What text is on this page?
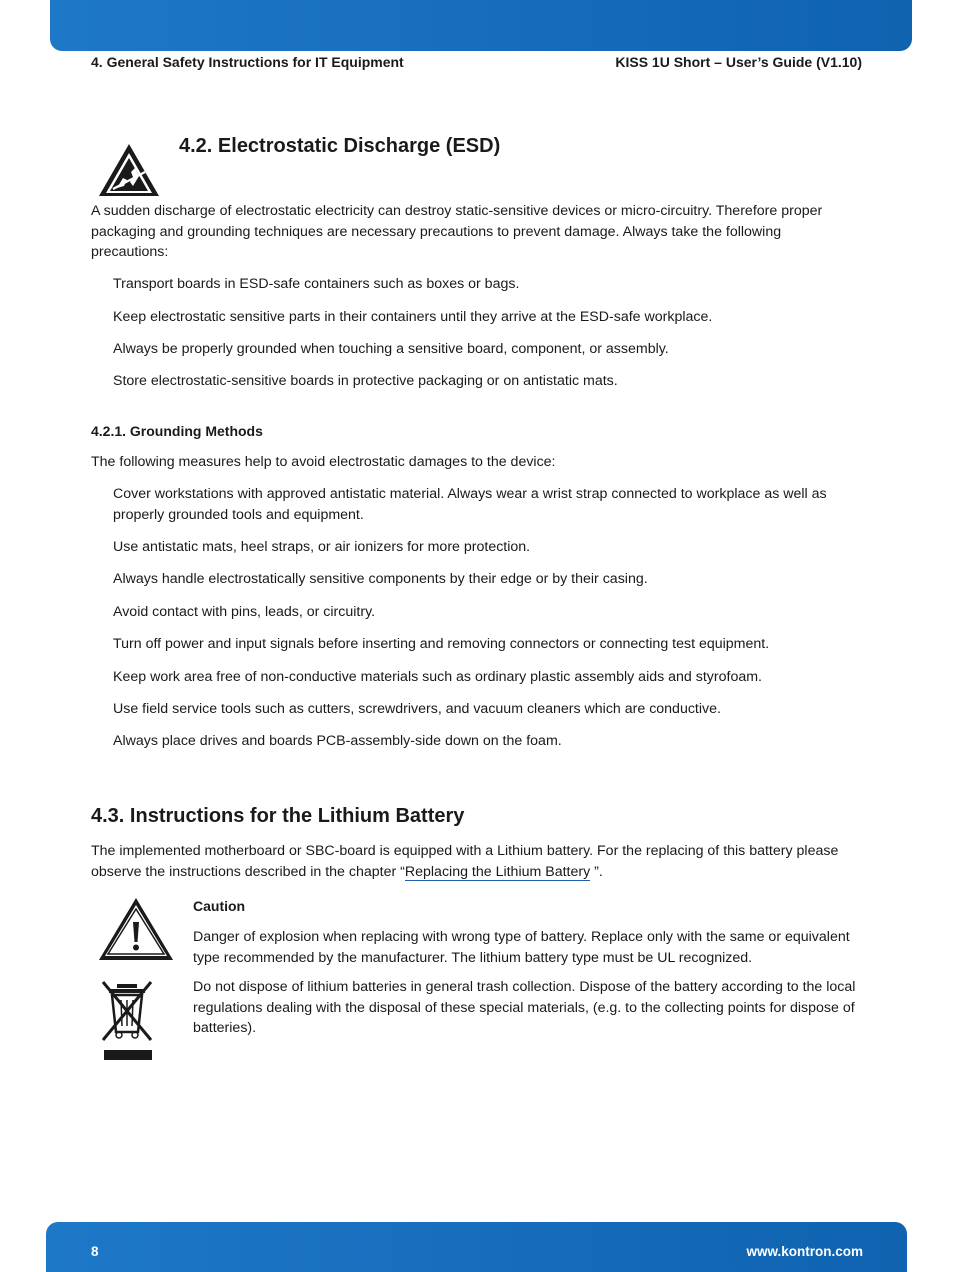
4. General Safety Instructions for IT Equipment	KISS 1U Short – User’s Guide (V1.10)
4.2. Electrostatic Discharge (ESD)

A sudden discharge of electrostatic electricity can destroy static-sensitive devices or micro-circuitry. Therefore proper packaging and grounding techniques are necessary precautions to prevent damage. Always take the following precautions:

Transport boards in ESD-safe containers such as boxes or bags.

Keep electrostatic sensitive parts in their containers until they arrive at the ESD-safe workplace.

Always be properly grounded when touching a sensitive board, component, or assembly.

Store electrostatic-sensitive boards in protective packaging or on antistatic mats.

4.2.1. Grounding Methods

The following measures help to avoid electrostatic damages to the device:

Cover workstations with approved antistatic material. Always wear a wrist strap connected to workplace as well as properly grounded tools and equipment.

Use antistatic mats, heel straps, or air ionizers for more protection.

Always handle electrostatically sensitive components by their edge or by their casing.

Avoid contact with pins, leads, or circuitry.

Turn off power and input signals before inserting and removing connectors or connecting test equipment.

Keep work area free of non-conductive materials such as ordinary plastic assembly aids and styrofoam.

Use field service tools such as cutters, screwdrivers, and vacuum cleaners which are conductive.

Always place drives and boards PCB-assembly-side down on the foam.

4.3. Instructions for the Lithium Battery

The implemented motherboard or SBC-board is equipped with a Lithium battery. For the replacing of this battery please observe the instructions described in the chapter “Replacing the Lithium Battery ”.

Caution

Danger of explosion when replacing with wrong type of battery. Replace only with the same or equivalent type recommended by the manufacturer. The lithium battery type must be UL recognized.

Do not dispose of lithium batteries in general trash collection. Dispose of the battery according to the local regulations dealing with the disposal of these special materials, (e.g. to the collecting points for dispose of batteries).

8	www.kontron.com
